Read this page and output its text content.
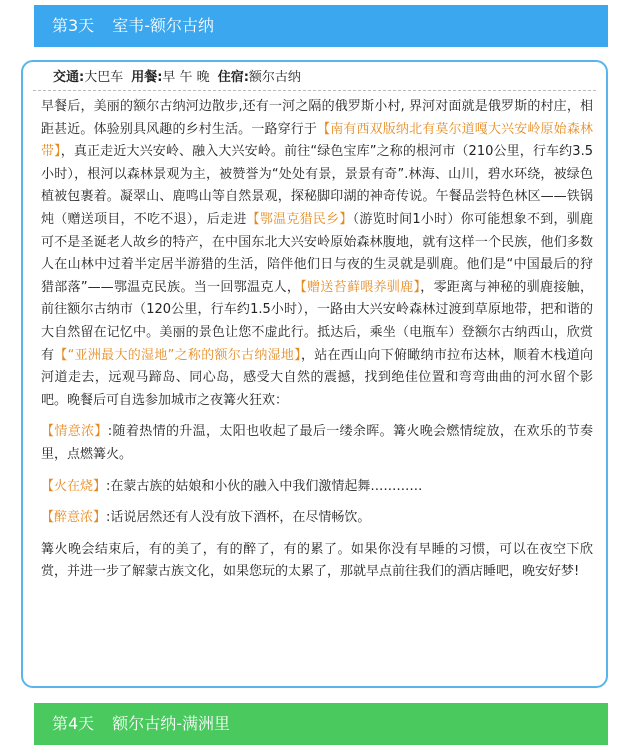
第3天 室韦-额尔古纳
交通:大巴车 用餐:早 午 晚 住宿:额尔古纳

早餐后，美丽的额尔古纳河边散步,还有一河之隔的俄罗斯小村, 界河对面就是俄罗斯的村庄，相距甚近。体验别具风趣的乡村生活。一路穿行于【南有西双版纳北有莫尔道嘎大兴安岭原始森林带】，真正走近大兴安岭、融入大兴安岭。前往“绿色宝库”之称的根河市（210公里，行车约3.5小时），根河以森林景观为主，被赞誉为“处处有景，景景有奇”.林海、山川，碧水环绕，被绿色植被包裹着。凝翠山、鹿鸣山等自然景观，探秘脚印湖的神奇传说。午餐品尝特色林区——铁锅炖（赠送项目，不吃不退），后走进【鄂温克猎民乡】（游览时间1小时）你可能想象不到，驯鹿可不是圣诞老人故乡的特产，在中国东北大兴安岭原始森林腹地，就有这样一个民族，他们多数人在山林中过着半定居半游猎的生活，陪伴他们日与夜的生灵就是驯鹿。他们是“中国最后的狩猎部落”——鄂温克民族。当一回鄂温克人，【赠送苔藓喂养驯鹿】，零距离与神秘的驯鹿接触，前往额尔古纳市（120公里，行车约1.5小时），一路由大兴安岭森林过渡到草原地带，把和谐的大自然留在记忆中。美丽的景色让您不虚此行。抵达后，乘坐（电瓶车）登额尔古纳西山，欣赏有【“亚洲最大的湿地”之称的额尔古纳湿地】，站在西山向下俯瞰纳市拉布达林，顺着木栈道向河道走去，远观马蹄岛、同心岛，感受大自然的震撼，找到绝佳位置和弯弯曲曲的河水留个影吧。晚餐后可自选参加城市之夜篝火狂欢：

【情意浓】:随着热情的升温，太阳也收起了最后一缕余晖。篝火晚会燃情绽放，在欢乐的节奏里，点燃篝火。

【火在烧】:在蒙古族的姑娘和小伙的融入中我们激情起舞…………

【醉意浓】:话说居然还有人没有放下酒杯，在尽情畅饮。

篝火晚会结束后，有的美了，有的醉了，有的累了。如果你没有早睡的习惯，可以在夜空下欣赏，并进一步了解蒙古族文化，如果您玩的太累了，那就早点前往我们的酒店睡吧，晚安好梦!

第4天 额尔古纳-满洲里
